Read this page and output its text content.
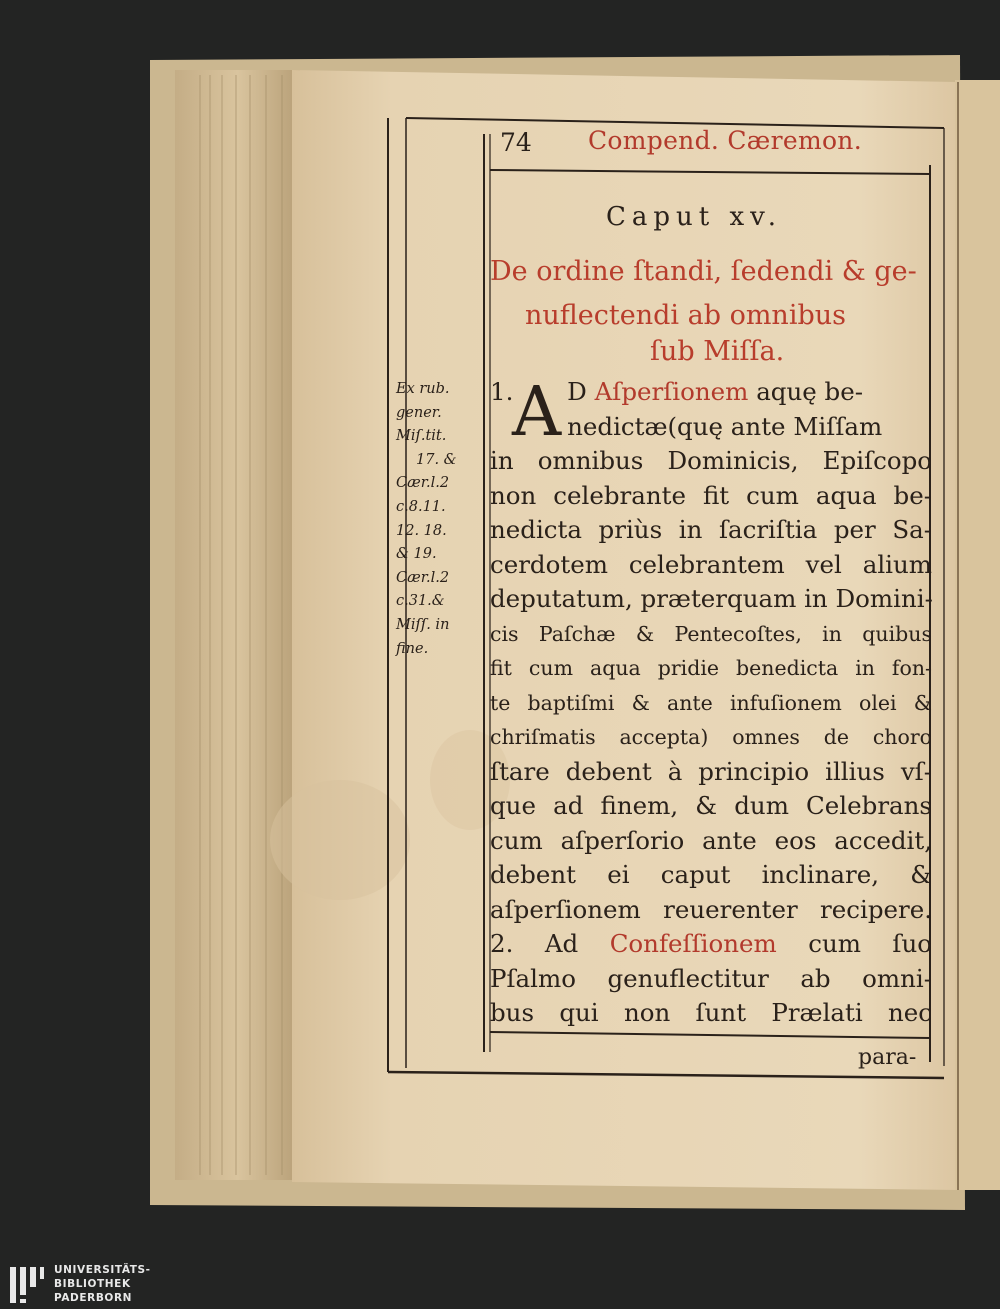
74 Compend. Cæremon.
Caput xv.
De ordine ſtandi, ſedendi & ge-
nuflectendi ab omnibus
ſub Miſſa.
Ex rub.
gener.
Miſ.tit.
17. &
Cær.l.2
c.8.11.
12. 18.
& 19.
Cær.l.2
c.31.&
Miſſ. in
fine.
A
1. D Aſperſionem aquę be-
nedictæ(quę ante Miſſam
in omnibus Dominicis, Epiſcopo
non celebrante fit cum aqua be-
nedicta priùs in ſacriſtia per Sa-
cerdotem celebrantem vel alium
deputatum, præterquam in Domini-
cis Paſchæ & Pentecoſtes, in quibus
fit cum aqua pridie benedicta in fon-
te baptiſmi & ante infuſionem olei &
chriſmatis accepta) omnes de choro
ſtare debent à principio illius vſ-
que ad finem, & dum Celebrans
cum aſperſorio ante eos accedit,
debent ei caput inclinare, &
aſperſionem reuerenter recipere.
2. Ad Confeſſionem cum ſuo
Pſalmo genuflectitur ab omni-
bus qui non ſunt Prælati nec
para-
UNIVERSITÄTS-
BIBLIOTHEK
PADERBORN
